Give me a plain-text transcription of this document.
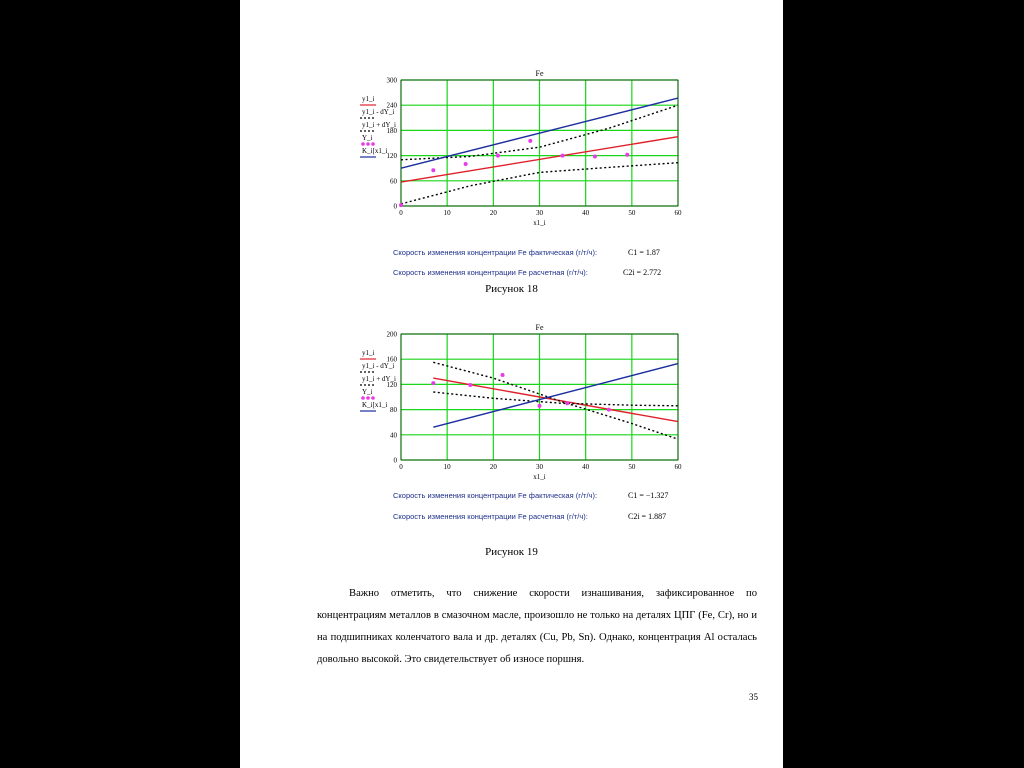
0	10	20	30	40	50	60
0
60
120
180
240
300
Fe
x1_i
y1_i
y1_i - dY_i
y1_i + dY_i
Y_i
K_i[x1_i
Скорость изменения концентрации Fe фактическая (г/т/ч):	C1 = 1.87
Скорость изменения концентрации Fe расчетная (г/т/ч):	C2i = 2.772
Рисунок 18
0	10	20	30	40	50	60
0
40
80
120
160
200
Fe
x1_i
y1_i
y1_i - dY_i
y1_i + dY_i
Y_i
K_i[x1_i
Скорость изменения концентрации Fe фактическая (г/т/ч):	C1 = −1.327
Скорость изменения концентрации Fe расчетная (г/т/ч):	C2i = 1.887
Рисунок 19
Важно отметить, что снижение скорости изнашивания, зафиксированное по концентрациям металлов в смазочном масле, произошло не только на деталях ЦПГ (Fe, Cr), но и на подшипниках коленчатого вала и др. деталях (Cu, Pb, Sn). Однако, концентрация Al осталась довольно высокой. Это свидетельствует об износе поршня.
35
